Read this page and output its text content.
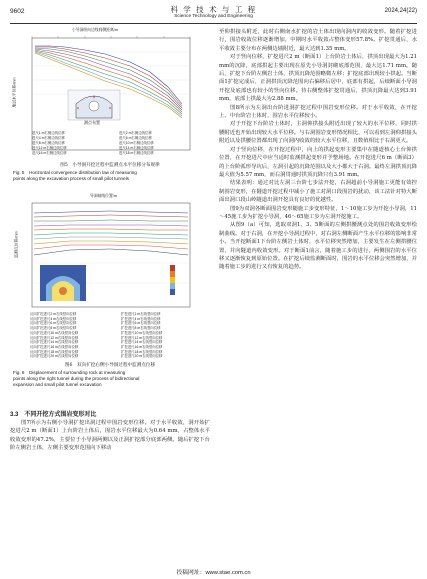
9602	科 学 技 术 与 工 程
Science Technology and Engineering
2024,24(22)
小导洞纵向边线间侧距离/m
地层水平位移/mm
测点布置
进尺1 m右侧边线位移	进尺2 m右侧边线位移
进尺4 m右侧边线位移	进尺6 m右侧边线位移
进尺8 m右侧边线位移	进尺10 m右侧边线位移
进尺12 m右侧边线位移	进尺14 m右侧边线位移
进尺16 m右侧边线位移	进尺18 m右侧边线位移
图5　小导洞开挖过程中监测点水平位移分布规律
Fig. 5　Horizontal convergence distribution law of measuring
points along the excavation process of small pilot tunnels
导洞轴线位置/m
监测点位移/mm
反向扩挖进尺2 m右线竖向位移	扩挖进尺2 m右线竖向位移
反向扩挖进尺4 m右线竖向位移	扩挖进尺4 m右线竖向位移
反向扩挖进尺6 m右线竖向位移	扩挖进尺6 m右线竖向位移
反向扩挖进尺8 m右线竖向位移	扩挖进尺8 m右线竖向位移
反向扩挖进尺10 m右线竖向位移	扩挖进尺10 m右线竖向位移
反向扩挖进尺12 m右线竖向位移	扩挖进尺12 m右线竖向位移
反向扩挖进尺14 m右线竖向位移	扩挖进尺14 m右线竖向位移
反向扩挖进尺16 m右线竖向位移	扩挖进尺16 m右线竖向位移
反向扩挖进尺18 m右线竖向位移	扩挖进尺18 m右线竖向位移
反向扩挖进尺20 m右线竖向位移	扩挖进尺20 m右线竖向位移
图6　双向扩挖右侧小导洞过程中监测点位移
Fig. 6　Displacement of surrounding rock at measuring
points along the right tunnel during the process of bidirectional
expansion and small pilot tunnel excavation
3.3　不同开挖方式围岩变形对比

图7所示为右侧小导洞扩挖出洞过程中围岩变形位移。对于水平收敛，洞开始扩挖进尺2 m（断面1）上台阶岩土体后，围岩水平位移最大为0.64 mm，占整体水平收敛变形的47.2%，主要位于小导洞两侧以及正洞扩挖部分底部两侧。随后扩挖下台阶左侧岩土体，左侧主要变形范围向下移动

至仰拱接头附近，此时右侧南水扩挖的岩土体出现向洞内的收敛变形。随着扩挖进行，围岩收敛位移逐渐增加，中期时水平收敛占整体变形57.8%。扩挖贯通后，水平收敛主要分布在两侧边墙附近，最大达到1.35 mm。

对于竖向位移，扩挖进尺2 m（断面1）上台阶岩土体后，拱顶出现最大为1.21 mm的沉降，底部拱起主要出现在原先小导洞封砌底部范围，最大达1.71 mm。随后，扩挖下台阶左侧岩土体，拱顶沉降范围略微左移；扩挖底部出现较小拱起。当断面1扩挖完成后，正洞拱顶沉降范围向右偏移后居中，底部有拱起，后续断面小导洞开挖及底部也有较小的竖向位移。待右侧整体扩挖贯通后，拱顶沉降最大达到3.91 mm，底部上拱最大为2.88 mm。

图8所示为左洞出台阶进洞扩挖过程中围岩变形位移。对于水平收敛，在开挖上、中台阶岩土体时，围岩水平位移较小。

对于开挖下台阶岩土体时，主洞仰拱接头附近出现了较大的水平位移，同时拱腰附近也开始出现较大水平位移。与右洞围岩变形情况相比，可以看到左洞仰拱接头附近以及拱腰位置都出现了向洞内收敛的较大水平位移，且数值相比于右洞更大。

对于竖向位移，在开挖过程中，向上的拱起变形主要集中在隧道核心土台仰拱位置，在开挖进尺中应当适时监测拱起变形并予整场地。在开挖进尺6 m（断面3）的上台阶弧形导坑后，左洞引起的沉降范围以及大小都大于右洞。最终左洞拱顶沉降最大值为5.57 mm，而右洞贯通时拱顶沉降只有3.91 mm。

结果表明：通过对比左洞三台阶七步法开挖，右洞超前小导洞施工更能有效控制围岩变形，在隧道开挖过程中减小了施工对洞口段围岩的扰动，该工法针对特大断面出洞口段山岭隧道出洞开挖具有良好的优越性。

图9为双洞各断面围岩变形随施工步变形特征，1～10施工步为开挖小导洞，11～45施工步为扩挖小导洞，46～65施工步为左洞开挖施工。

从图9（a）可知，选取双洞1、3、5断面的左侧拱腰测点处的围岩收敛变形绘制曲线。对于右洞，在开挖小导洞过程中，对右洞左侧断面产生水平位移的影响非常小。当开挖断面1下台阶左侧岩土体时，水平位移突然增加，主要发生在左侧拱腰位置，并向隧道内收敛变形。对于断面1前言，随着施工步的进行，两侧围岩的水平位移又逐渐恢复到原始位置。在扩挖后续监测断面时，围岩的水平位移会突然增加，并随着施工步的进行又有恢复的趋势。

投稿网址：www.stae.com.cn
